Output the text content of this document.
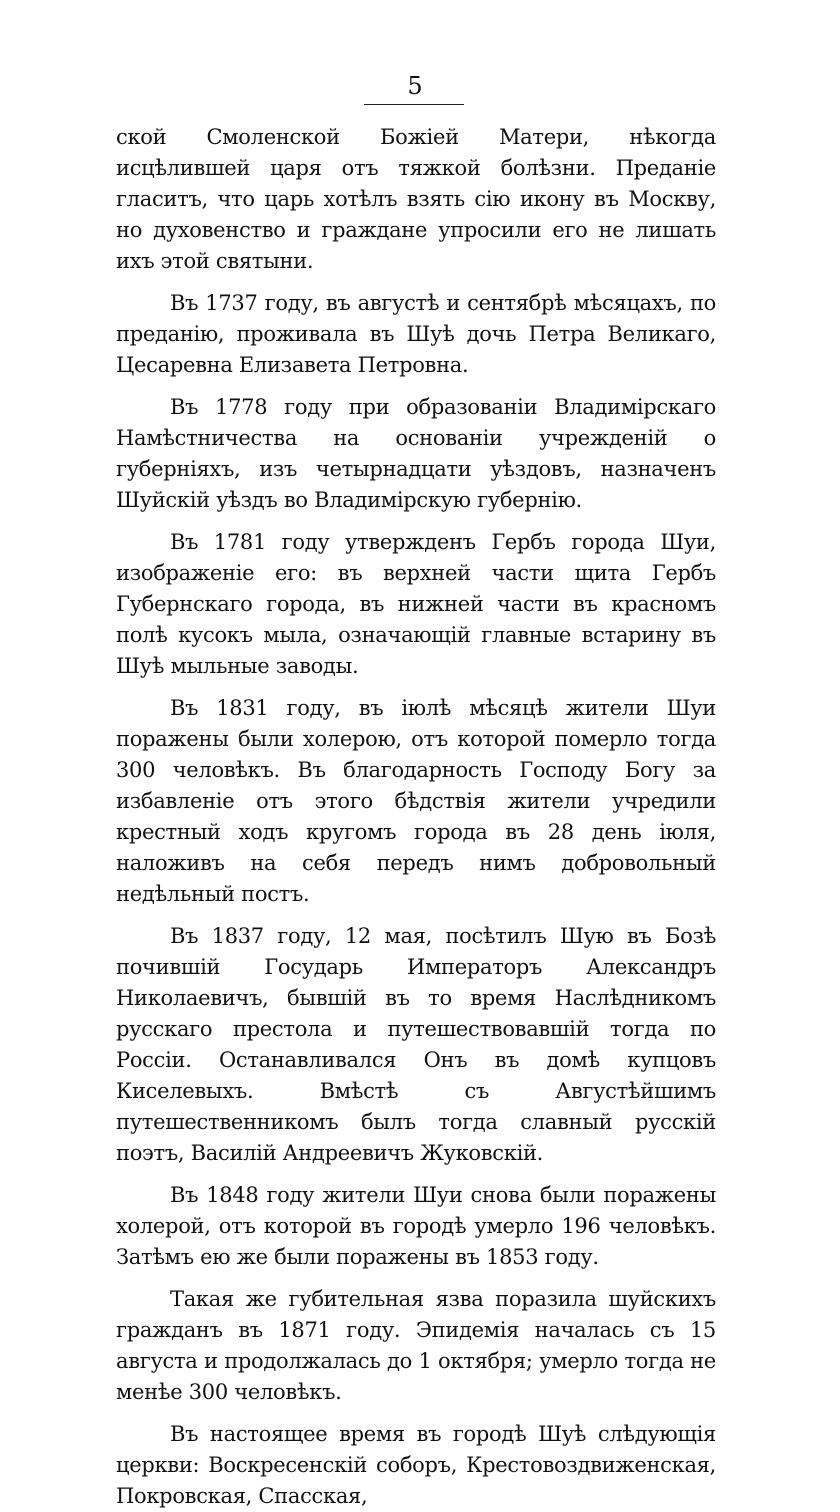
5

ской Смоленской Божіей Матери, нѣкогда исцѣлившей царя отъ тяжкой болѣзни. Преданіе гласитъ, что царь хотѣлъ взять сію икону въ Москву, но духовенство и граждане упросили его не лишать ихъ этой святыни.

Въ 1737 году, въ августѣ и сентябрѣ мѣсяцахъ, по преданію, проживала въ Шуѣ дочь Петра Великаго, Цесаревна Елизавета Петровна.

Въ 1778 году при образованіи Владимірскаго Намѣстничества на основаніи учрежденій о губерніяхъ, изъ четырнадцати уѣздовъ, назначенъ Шуйскій уѣздъ во Владимірскую губернію.

Въ 1781 году утвержденъ Гербъ города Шуи, изображеніе его: въ верхней части щита Гербъ Губернскаго города, въ нижней части въ красномъ полѣ кусокъ мыла, означающій главные встарину въ Шуѣ мыльные заводы.

Въ 1831 году, въ іюлѣ мѣсяцѣ жители Шуи поражены были холерою, отъ которой померло тогда 300 человѣкъ. Въ благодарность Господу Богу за избавленіе отъ этого бѣдствія жители учредили крестный ходъ кругомъ города въ 28 день іюля, наложивъ на себя передъ нимъ добровольный недѣльный постъ.

Въ 1837 году, 12 мая, посѣтилъ Шую въ Бозѣ почившій Государь Императоръ Александръ Николаевичъ, бывшій въ то время Наслѣдникомъ русскаго престола и путешествовавшій тогда по Россіи. Останавливался Онъ въ домѣ купцовъ Киселевыхъ. Вмѣстѣ съ Августѣйшимъ путешественникомъ былъ тогда славный русскій поэтъ, Василій Андреевичъ Жуковскій.

Въ 1848 году жители Шуи снова были поражены холерой, отъ которой въ городѣ умерло 196 человѣкъ. Затѣмъ ею же были поражены въ 1853 году.

Такая же губительная язва поразила шуйскихъ гражданъ въ 1871 году. Эпидемія началась съ 15 августа и продолжалась до 1 октября; умерло тогда не менѣе 300 человѣкъ.

Въ настоящее время въ городѣ Шуѣ слѣдующія церкви: Воскресенскій соборъ, Крестовоздвиженская, Покровская, Спасская,
